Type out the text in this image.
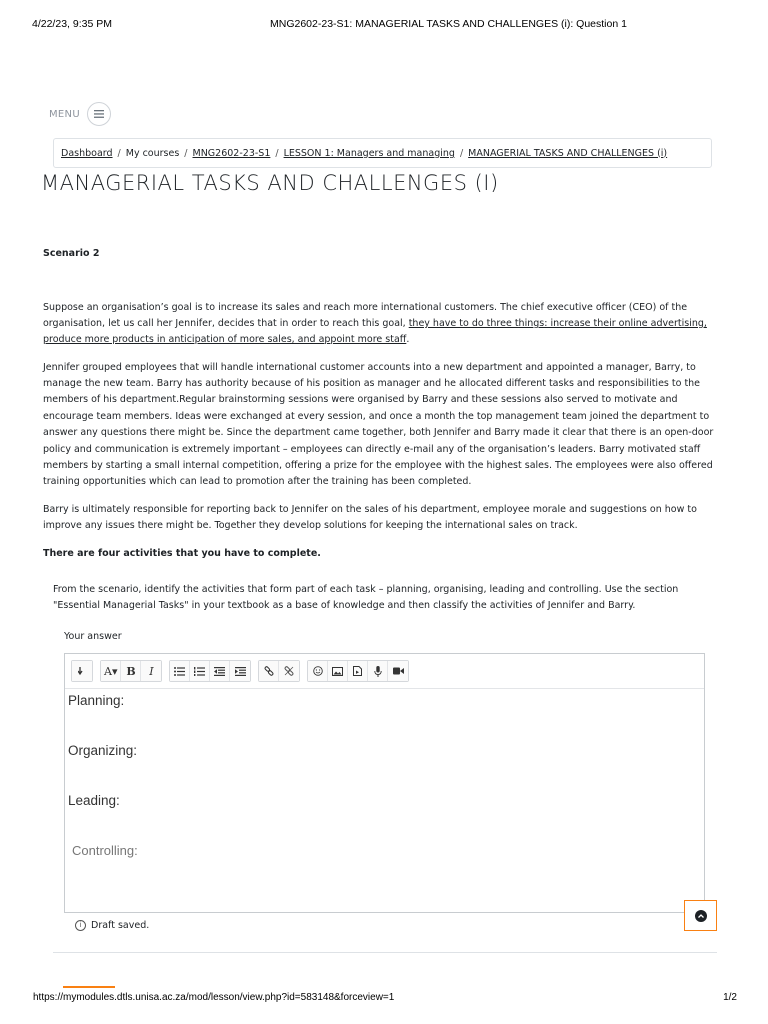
4/22/23, 9:35 PM	MNG2602-23-S1: MANAGERIAL TASKS AND CHALLENGES (i): Question 1
MENU
Dashboard / My courses / MNG2602-23-S1 / LESSON 1: Managers and managing / MANAGERIAL TASKS AND CHALLENGES (i)
MANAGERIAL TASKS AND CHALLENGES (I)
Scenario 2

Suppose an organisation’s goal is to increase its sales and reach more international customers. The chief executive officer (CEO) of the organisation, let us call her Jennifer, decides that in order to reach this goal, they have to do three things: increase their online advertising, produce more products in anticipation of more sales, and appoint more staff.

Jennifer grouped employees that will handle international customer accounts into a new department and appointed a manager, Barry, to manage the new team. Barry has authority because of his position as manager and he allocated different tasks and responsibilities to the members of his department.Regular brainstorming sessions were organised by Barry and these sessions also served to motivate and encourage team members. Ideas were exchanged at every session, and once a month the top management team joined the department to answer any questions there might be. Since the department came together, both Jennifer and Barry made it clear that there is an open-door policy and communication is extremely important – employees can directly e-mail any of the organisation’s leaders. Barry motivated staff members by starting a small internal competition, offering a prize for the employee with the highest sales. The employees were also offered training opportunities which can lead to promotion after the training has been completed.

Barry is ultimately responsible for reporting back to Jennifer on the sales of his department, employee morale and suggestions on how to improve any issues there might be. Together they develop solutions for keeping the international sales on track.

There are four activities that you have to complete.

From the scenario, identify the activities that form part of each task – planning, organising, leading and controlling. Use the section "Essential Managerial Tasks" in your textbook as a base of knowledge and then classify the activities of Jennifer and Barry.
Your answer
A ▾ B	I
Planning:
Organizing:
Leading:
Controlling:
i	Draft saved.
https://mymodules.dtls.unisa.ac.za/mod/lesson/view.php?id=583148&forceview=1	1/2
